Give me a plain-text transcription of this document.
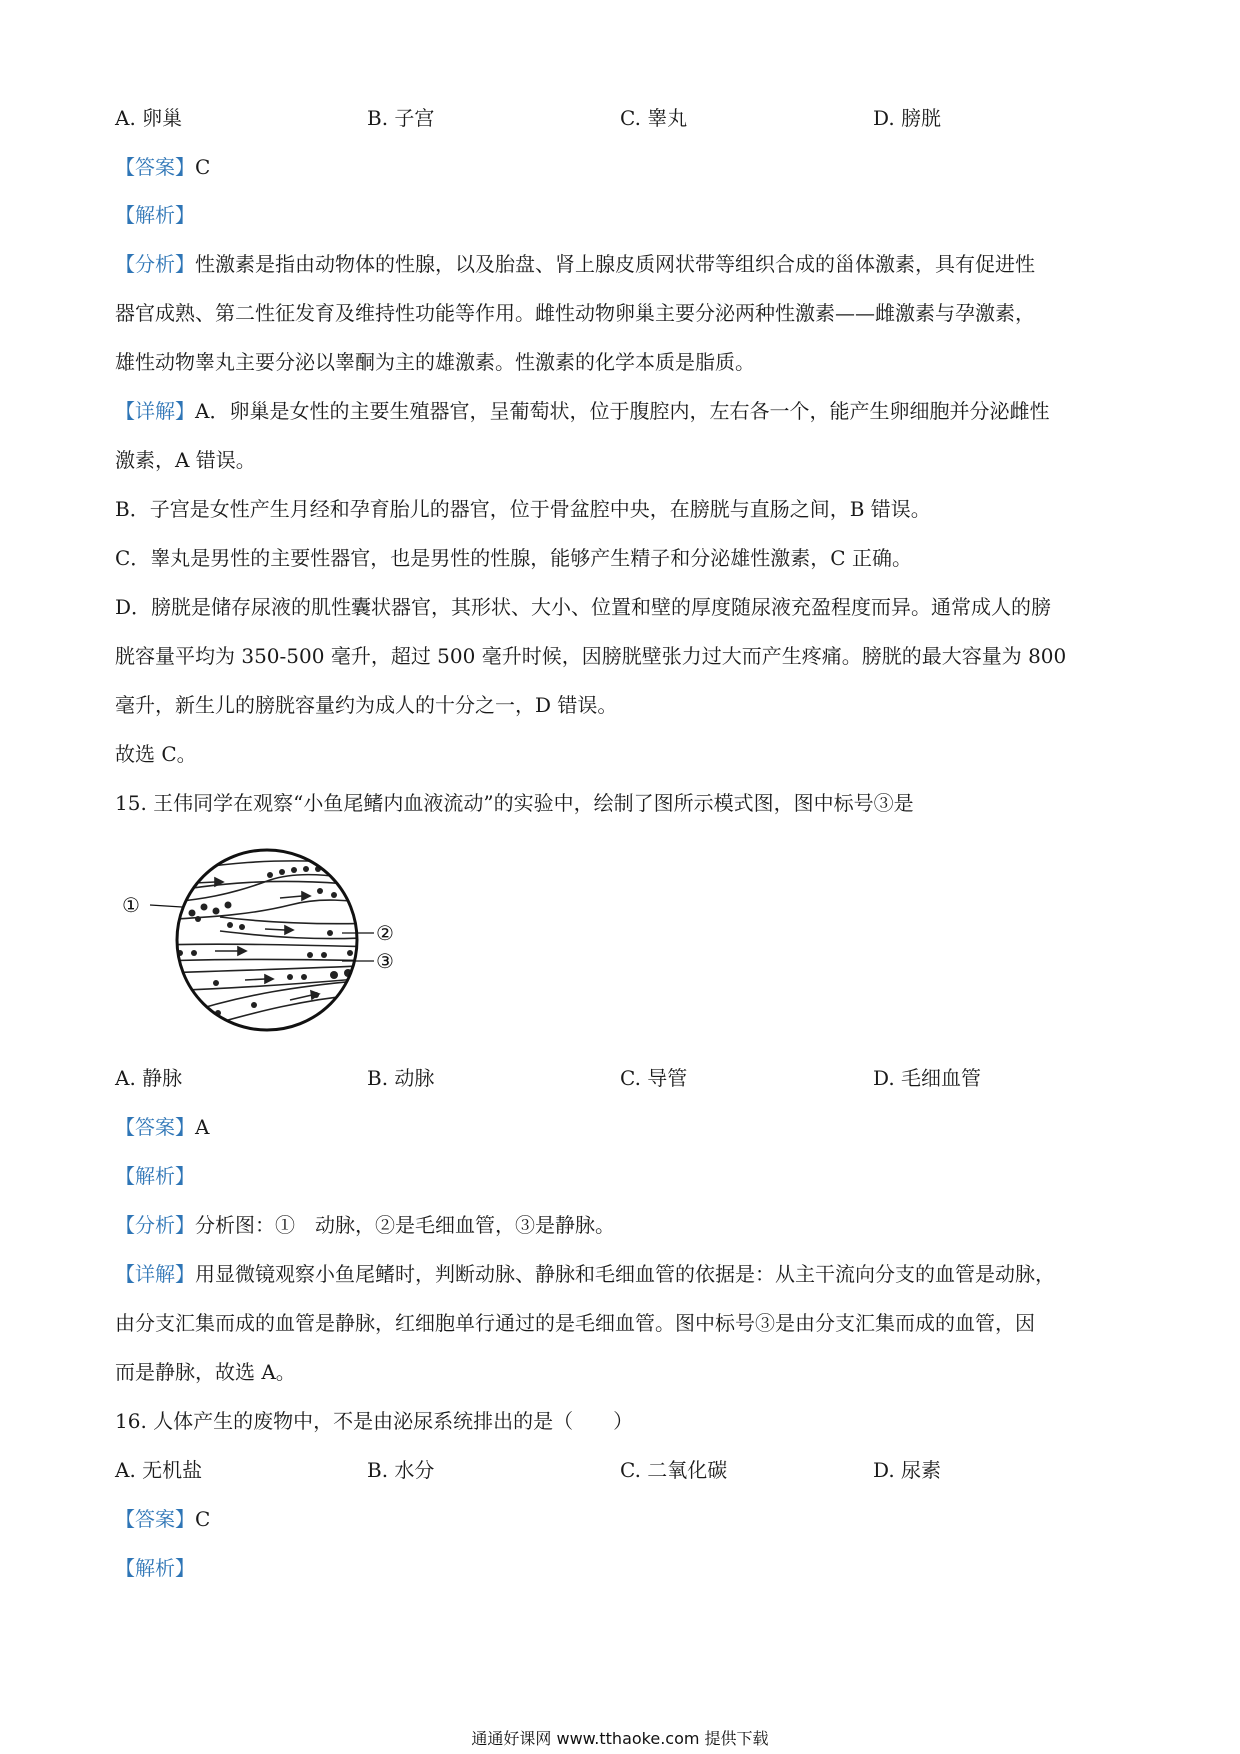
A. 卵巢	B. 子宫	C. 睾丸	D. 膀胱
【答案】C
【解析】
【分析】性激素是指由动物体的性腺，以及胎盘、肾上腺皮质网状带等组织合成的甾体激素，具有促进性
器官成熟、第二性征发育及维持性功能等作用。雌性动物卵巢主要分泌两种性激素——雌激素与孕激素，
雄性动物睾丸主要分泌以睾酮为主的雄激素。性激素的化学本质是脂质。
【详解】A．卵巢是女性的主要生殖器官，呈葡萄状，位于腹腔内，左右各一个，能产生卵细胞并分泌雌性
激素，A 错误。
B．子宫是女性产生月经和孕育胎儿的器官，位于骨盆腔中央，在膀胱与直肠之间，B 错误。
C．睾丸是男性的主要性器官，也是男性的性腺，能够产生精子和分泌雄性激素，C 正确。
D．膀胱是储存尿液的肌性囊状器官，其形状、大小、位置和壁的厚度随尿液充盈程度而异。通常成人的膀
胱容量平均为 350-500 毫升，超过 500 毫升时候，因膀胱壁张力过大而产生疼痛。膀胱的最大容量为 800
毫升，新生儿的膀胱容量约为成人的十分之一，D 错误。
故选 C。
15. 王伟同学在观察“小鱼尾鳍内血液流动”的实验中，绘制了图所示模式图，图中标号③是
①
②
③
A. 静脉	B. 动脉	C. 导管	D. 毛细血管
【答案】A
【解析】
【分析】分析图：①　动脉，②是毛细血管，③是静脉。
【详解】用显微镜观察小鱼尾鳍时，判断动脉、静脉和毛细血管的依据是：从主干流向分支的血管是动脉，
由分支汇集而成的血管是静脉，红细胞单行通过的是毛细血管。图中标号③是由分支汇集而成的血管，因
而是静脉，故选 A。
16. 人体产生的废物中，不是由泌尿系统排出的是（　　）
A. 无机盐	B. 水分	C. 二氧化碳	D. 尿素
【答案】C
【解析】
通通好课网 www.tthaoke.com 提供下载
